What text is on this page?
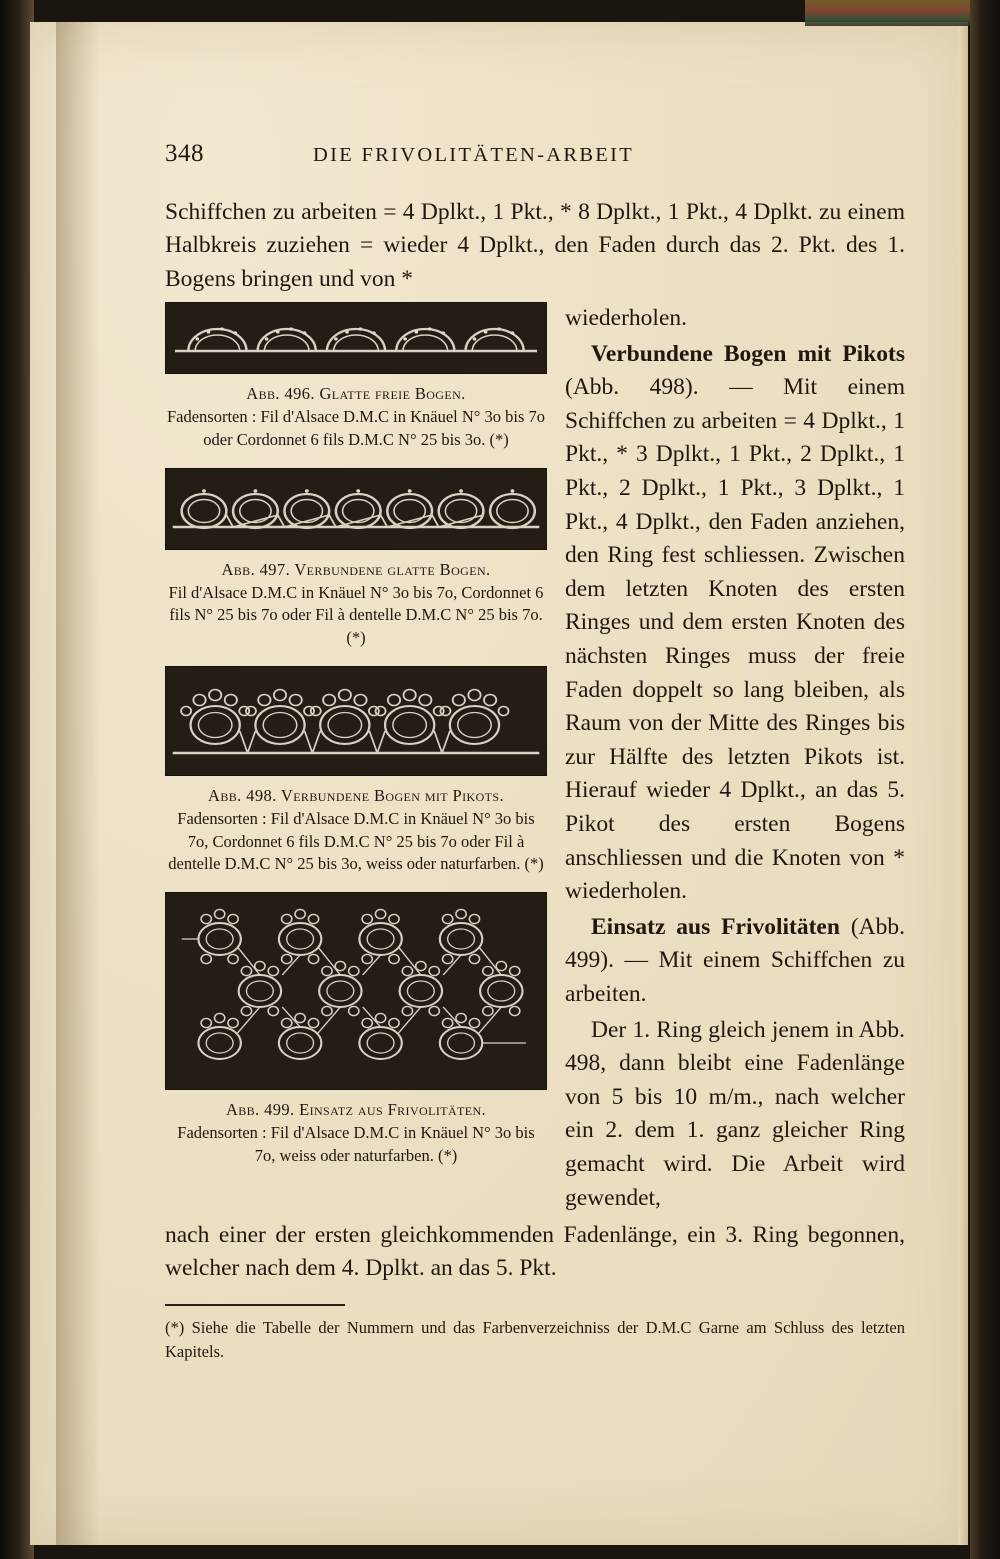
348	DIE FRIVOLITÄTEN-ARBEIT
Schiffchen zu arbeiten = 4 Dplkt., 1 Pkt., * 8 Dplkt., 1 Pkt., 4 Dplkt. zu einem Halbkreis zuziehen = wieder 4 Dplkt., den Faden durch das 2. Pkt. des 1. Bogens bringen und von *
Abb. 496. Glatte freie Bogen.
Fadensorten : Fil d'Alsace D.M.C in Knäuel N° 3o bis 7o oder Cordonnet 6 fils D.M.C N° 25 bis 3o. (*)
Abb. 497. Verbundene glatte Bogen.
Fil d'Alsace D.M.C in Knäuel N° 3o bis 7o, Cordonnet 6 fils N° 25 bis 7o oder Fil à dentelle D.M.C N° 25 bis 7o. (*)
Abb. 498. Verbundene Bogen mit Pikots.
Fadensorten : Fil d'Alsace D.M.C in Knäuel N° 3o bis 7o, Cordonnet 6 fils D.M.C N° 25 bis 7o oder Fil à dentelle D.M.C N° 25 bis 3o, weiss oder naturfarben. (*)
Abb. 499. Einsatz aus Frivolitäten.
Fadensorten : Fil d'Alsace D.M.C in Knäuel N° 3o bis 7o, weiss oder naturfarben. (*)

wiederholen.

Verbundene Bogen mit Pikots (Abb. 498). — Mit einem Schiffchen zu arbeiten = 4 Dplkt., 1 Pkt., * 3 Dplkt., 1 Pkt., 2 Dplkt., 1 Pkt., 2 Dplkt., 1 Pkt., 3 Dplkt., 1 Pkt., 4 Dplkt., den Faden anziehen, den Ring fest schliessen. Zwischen dem letzten Knoten des ersten Ringes und dem ersten Knoten des nächsten Ringes muss der freie Faden doppelt so lang bleiben, als Raum von der Mitte des Ringes bis zur Hälfte des letzten Pikots ist. Hierauf wieder 4 Dplkt., an das 5. Pikot des ersten Bogens anschliessen und die Knoten von * wiederholen.

Einsatz aus Frivolitäten (Abb. 499). — Mit einem Schiffchen zu arbeiten.

Der 1. Ring gleich jenem in Abb. 498, dann bleibt eine Fadenlänge von 5 bis 10 m/m., nach welcher ein 2. dem 1. ganz gleicher Ring gemacht wird. Die Arbeit wird gewendet,

nach einer der ersten gleichkommenden Fadenlänge, ein 3. Ring begonnen, welcher nach dem 4. Dplkt. an das 5. Pkt.
(*) Siehe die Tabelle der Nummern und das Farbenverzeichniss der D.M.C Garne am Schluss des letzten Kapitels.
